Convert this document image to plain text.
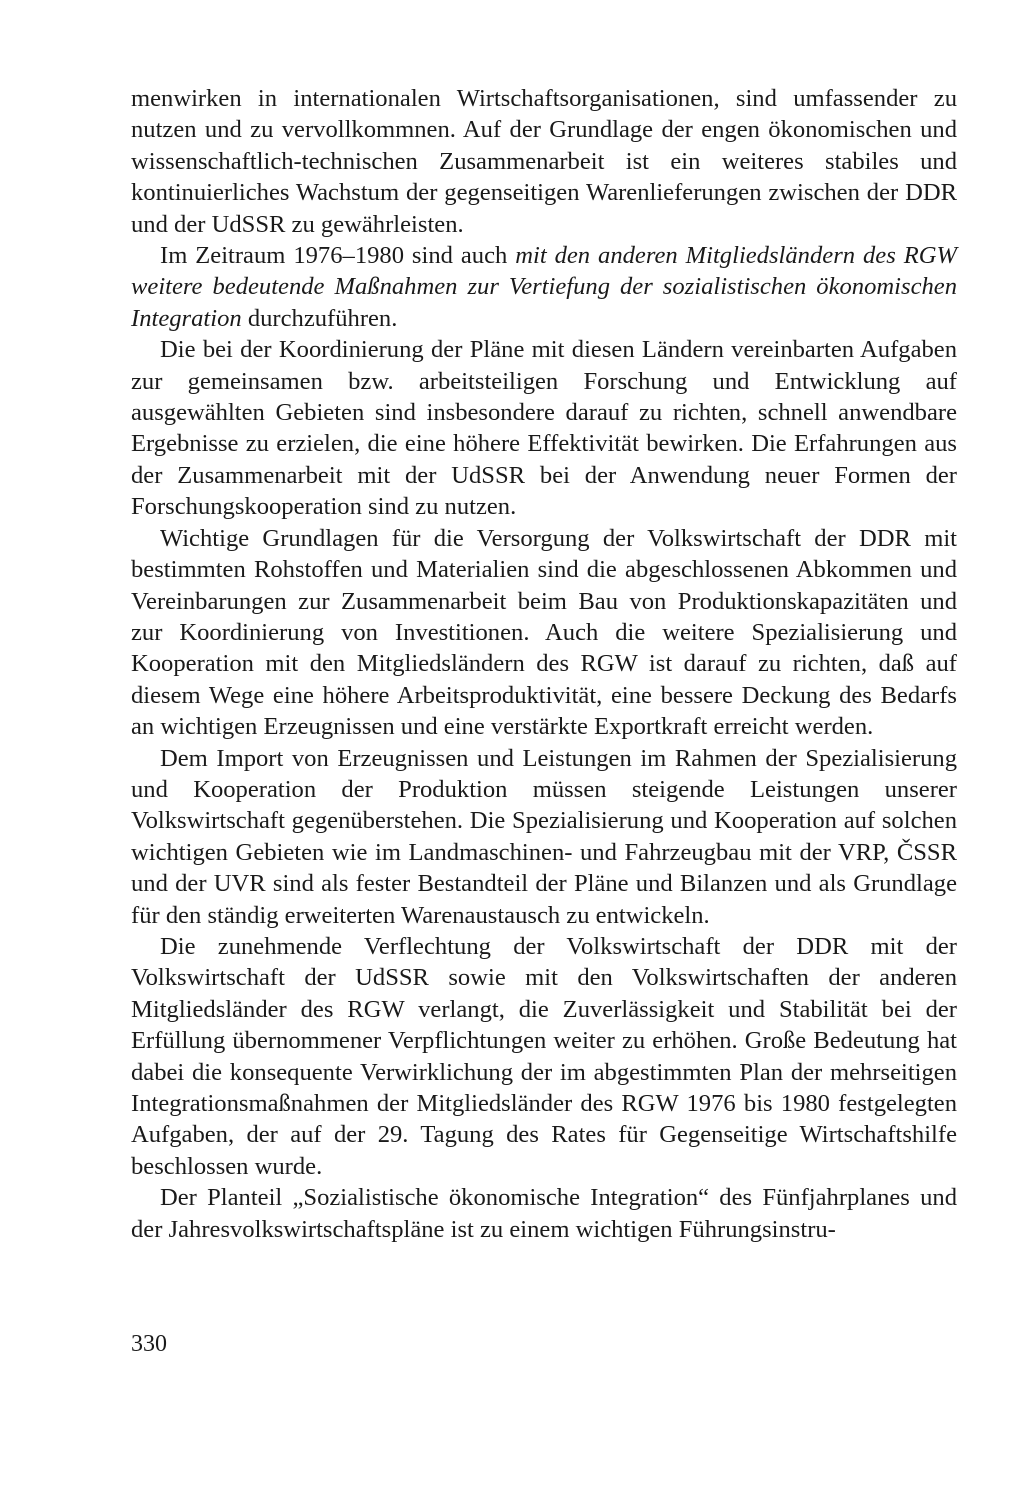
menwirken in internationalen Wirtschaftsorganisationen, sind umfassender zu nutzen und zu vervollkommnen. Auf der Grundlage der engen ökonomischen und wissenschaftlich-technischen Zusammenarbeit ist ein weiteres stabiles und kontinuierliches Wachstum der gegenseitigen Warenlieferungen zwischen der DDR und der UdSSR zu gewährleisten.

Im Zeitraum 1976–1980 sind auch mit den anderen Mitgliedsländern des RGW weitere bedeutende Maßnahmen zur Vertiefung der sozialistischen ökonomischen Integration durchzuführen.

Die bei der Koordinierung der Pläne mit diesen Ländern vereinbarten Aufgaben zur gemeinsamen bzw. arbeitsteiligen Forschung und Entwicklung auf ausgewählten Gebieten sind insbesondere darauf zu richten, schnell anwendbare Ergebnisse zu erzielen, die eine höhere Effektivität bewirken. Die Erfahrungen aus der Zusammenarbeit mit der UdSSR bei der Anwendung neuer Formen der Forschungskooperation sind zu nutzen.

Wichtige Grundlagen für die Versorgung der Volkswirtschaft der DDR mit bestimmten Rohstoffen und Materialien sind die abgeschlossenen Abkommen und Vereinbarungen zur Zusammenarbeit beim Bau von Produktionskapazitäten und zur Koordinierung von Investitionen. Auch die weitere Spezialisierung und Kooperation mit den Mitgliedsländern des RGW ist darauf zu richten, daß auf diesem Wege eine höhere Arbeitsproduktivität, eine bessere Deckung des Bedarfs an wichtigen Erzeugnissen und eine verstärkte Exportkraft erreicht werden.

Dem Import von Erzeugnissen und Leistungen im Rahmen der Spezialisierung und Kooperation der Produktion müssen steigende Leistungen unserer Volkswirtschaft gegenüberstehen. Die Spezialisierung und Kooperation auf solchen wichtigen Gebieten wie im Landmaschinen- und Fahrzeugbau mit der VRP, ČSSR und der UVR sind als fester Bestandteil der Pläne und Bilanzen und als Grundlage für den ständig erweiterten Warenaustausch zu entwickeln.

Die zunehmende Verflechtung der Volkswirtschaft der DDR mit der Volkswirtschaft der UdSSR sowie mit den Volkswirtschaften der anderen Mitgliedsländer des RGW verlangt, die Zuverlässigkeit und Stabilität bei der Erfüllung übernommener Verpflichtungen weiter zu erhöhen. Große Bedeutung hat dabei die konsequente Verwirklichung der im abgestimmten Plan der mehrseitigen Integrationsmaßnahmen der Mitgliedsländer des RGW 1976 bis 1980 festgelegten Aufgaben, der auf der 29. Tagung des Rates für Gegenseitige Wirtschaftshilfe beschlossen wurde.

Der Planteil „Sozialistische ökonomische Integration“ des Fünfjahrplanes und der Jahresvolkswirtschaftspläne ist zu einem wichtigen Führungsinstru-

330
